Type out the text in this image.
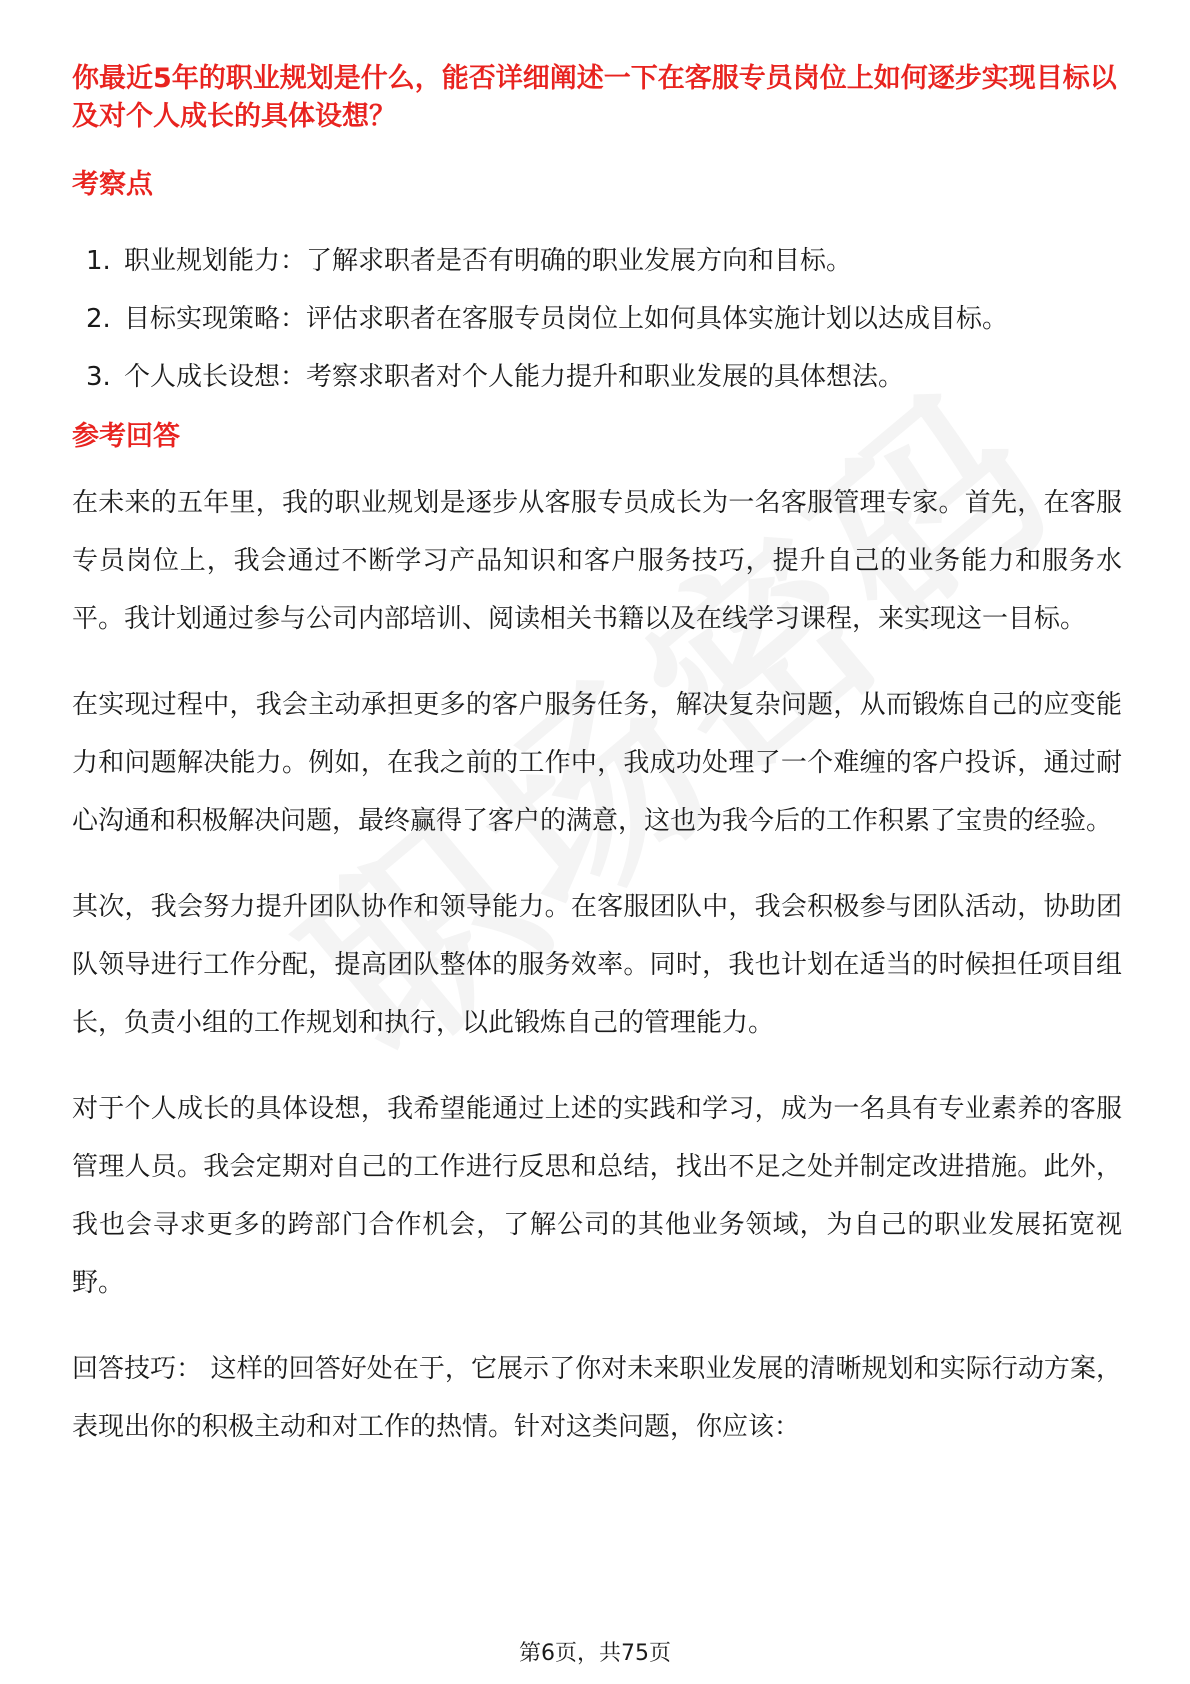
你最近5年的职业规划是什么，能否详细阐述一下在客服专员岗位上如何逐步实现目标以及对个人成长的具体设想？

考察点

1. 职业规划能力：了解求职者是否有明确的职业发展方向和目标。
2. 目标实现策略：评估求职者在客服专员岗位上如何具体实施计划以达成目标。
3. 个人成长设想：考察求职者对个人能力提升和职业发展的具体想法。

参考回答

在未来的五年里，我的职业规划是逐步从客服专员成长为一名客服管理专家。首先，在客服专员岗位上，我会通过不断学习产品知识和客户服务技巧，提升自己的业务能力和服务水平。我计划通过参与公司内部培训、阅读相关书籍以及在线学习课程，来实现这一目标。

在实现过程中，我会主动承担更多的客户服务任务，解决复杂问题，从而锻炼自己的应变能力和问题解决能力。例如，在我之前的工作中，我成功处理了一个难缠的客户投诉，通过耐心沟通和积极解决问题，最终赢得了客户的满意，这也为我今后的工作积累了宝贵的经验。

其次，我会努力提升团队协作和领导能力。在客服团队中，我会积极参与团队活动，协助团队领导进行工作分配，提高团队整体的服务效率。同时，我也计划在适当的时候担任项目组长，负责小组的工作规划和执行，以此锻炼自己的管理能力。

对于个人成长的具体设想，我希望能通过上述的实践和学习，成为一名具有专业素养的客服管理人员。我会定期对自己的工作进行反思和总结，找出不足之处并制定改进措施。此外，我也会寻求更多的跨部门合作机会，了解公司的其他业务领域，为自己的职业发展拓宽视野。

回答技巧： 这样的回答好处在于，它展示了你对未来职业发展的清晰规划和实际行动方案，表现出你的积极主动和对工作的热情。针对这类问题，你应该：

第6页，共75页
